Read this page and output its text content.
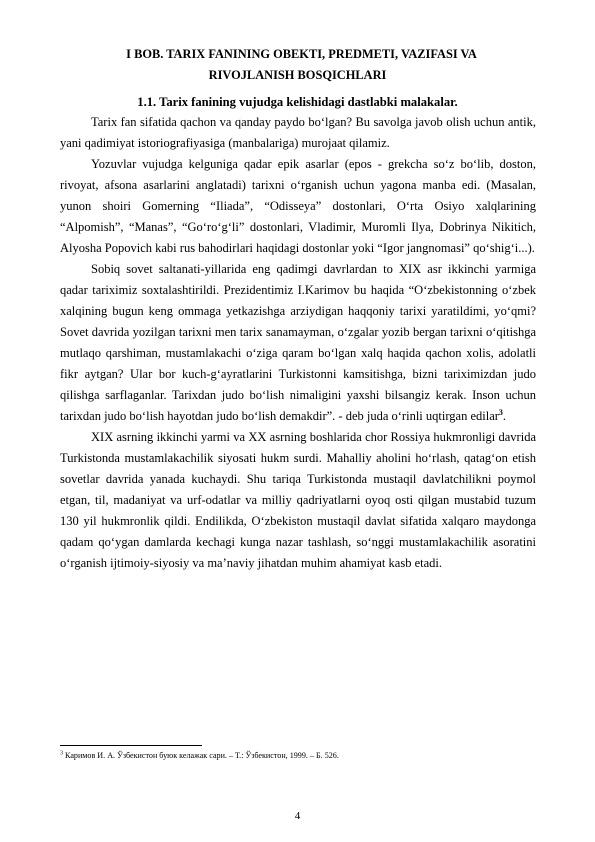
I BOB. TARIX FANINING OBEKTI, PREDMETI, VAZIFASI VA
RIVOJLANISH BOSQICHLARI
1.1. Tarix fanining vujudga kelishidagi dastlabki malakalar.

Tarix fan sifatida qachon va qanday paydo boʻlgan? Bu savolga javob olish uchun antik, yani qadimiyat istoriografiyasiga (manbalariga) murojaat qilamiz.

Yozuvlar vujudga kelguniga qadar epik asarlar (epos - grekcha soʻz boʻlib, doston, rivoyat, afsona asarlarini anglatadi) tarixni oʻrganish uchun yagona manba edi. (Masalan, yunon shoiri Gomerning “Iliada”, “Odisseya” dostonlari, Oʻrta Osiyo xalqlarining “Alpomish”, “Manas”, “Goʻroʻgʻli” dostonlari, Vladimir, Muromli Ilya, Dobrinya Nikitich, Alyosha Popovich kabi rus bahodirlari haqidagi dostonlar yoki “Igor jangnomasi” qoʻshigʻi...).

Sobiq sovet saltanati-yillarida eng qadimgi davrlardan to XIX asr ikkinchi yarmiga qadar tariximiz soxtalashtirildi. Prezidentimiz I.Karimov bu haqida “Oʻzbekistonning oʻzbek xalqining bugun keng ommaga yetkazishga arziydigan haqqoniy tarixi yaratildimi, yoʻqmi? Sovet davrida yozilgan tarixni men tarix sanamayman, oʻzgalar yozib bergan tarixni oʻqitishga mutlaqo qarshiman, mustamlakachi oʻziga qaram boʻlgan xalq haqida qachon xolis, adolatli fikr aytgan? Ular bor kuch-gʻayratlarini Turkistonni kamsitishga, bizni tariximizdan judo qilishga sarflaganlar. Tarixdan judo boʻlish nimaligini yaxshi bilsangiz kerak. Inson uchun tarixdan judo boʻlish hayotdan judo boʻlish demakdir”. - deb juda oʻrinli uqtirgan edilar$^3$.

XIX asrning ikkinchi yarmi va XX asrning boshlarida chor Rossiya hukmronligi davrida Turkistonda mustamlakachilik siyosati hukm surdi. Mahalliy aholini hoʻrlash, qatagʻon etish sovetlar davrida yanada kuchaydi. Shu tariqa Turkistonda mustaqil davlatchilikni poymol etgan, til, madaniyat va urf-odatlar va milliy qadriyatlarni oyoq osti qilgan mustabid tuzum 130 yil hukmronlik qildi. Endilikda, Oʻzbekiston mustaqil davlat sifatida xalqaro maydonga qadam qoʻygan damlarda kechagi kunga nazar tashlash, soʻnggi mustamlakachilik asoratini oʻrganish ijtimoiy-siyosiy va maʼnaviy jihatdan muhim ahamiyat kasb etadi.

$^3$ Каримов И. А. Ўзбекистон буюк келажак сари. – Т.: Ўзбекистон, 1999. – Б. 526.
4
